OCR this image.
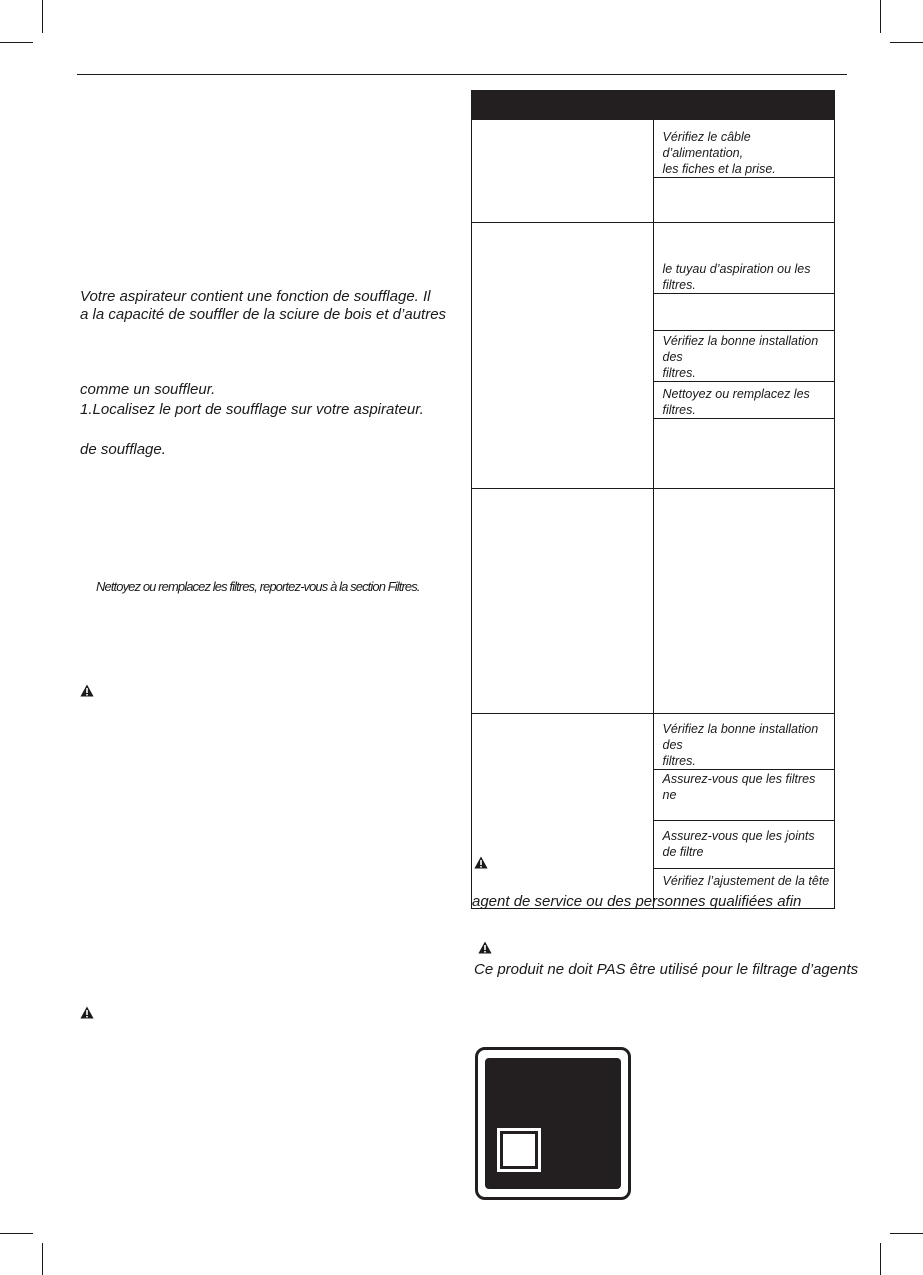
Votre aspirateur contient une fonction de soufflage. Il
a la capacité de souffler de la sciure de bois et d’autres
comme un souffleur.
1.Localisez le port de soufflage sur votre aspirateur.
de soufflage.
Nettoyez ou remplacez les filtres, reportez-vous à la section Filtres.

	Vérifiez le câble d’alimentation,
les fiches et la prise.

	le tuyau d’aspiration ou les filtres.

	Vérifiez la bonne installation des
filtres.

	Nettoyez ou remplacez les filtres.

	Vérifiez la bonne installation des
filtres.

	Assurez-vous que les filtres ne

	Assurez-vous que les joints de filtre

	Vérifiez l’ajustement de la tête
agent de service ou des personnes qualifiées afin
Ce produit ne doit PAS être utilisé pour le filtrage d’agents
